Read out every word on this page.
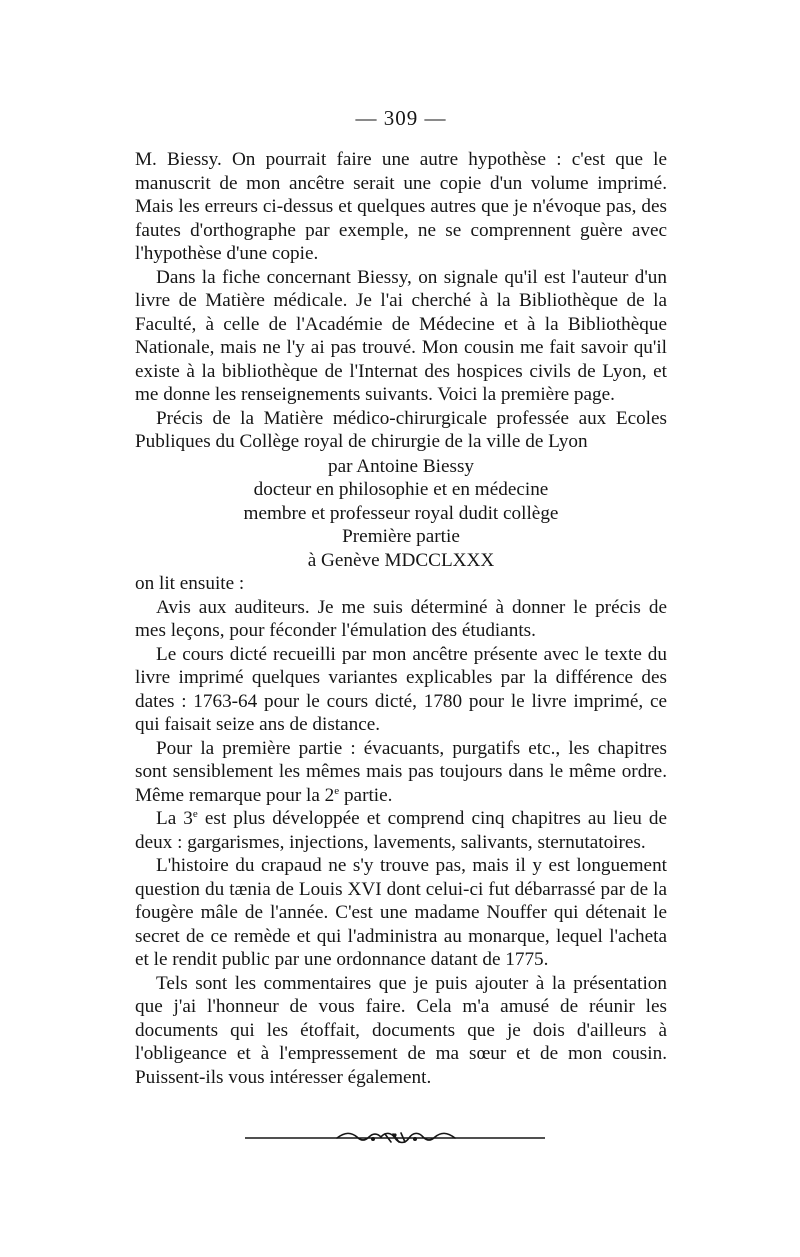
— 309 —

M. Biessy. On pourrait faire une autre hypothèse : c'est que le manuscrit de mon ancêtre serait une copie d'un volume imprimé. Mais les erreurs ci-dessus et quelques autres que je n'évoque pas, des fautes d'orthographe par exemple, ne se comprennent guère avec l'hypothèse d'une copie.

Dans la fiche concernant Biessy, on signale qu'il est l'auteur d'un livre de Matière médicale. Je l'ai cherché à la Bibliothèque de la Faculté, à celle de l'Académie de Médecine et à la Bibliothèque Nationale, mais ne l'y ai pas trouvé. Mon cousin me fait savoir qu'il existe à la bibliothèque de l'Internat des hospices civils de Lyon, et me donne les renseignements suivants. Voici la première page.

Précis de la Matière médico-chirurgicale professée aux Ecoles Publiques du Collège royal de chirurgie de la ville de Lyon

par Antoine Biessy
docteur en philosophie et en médecine
membre et professeur royal dudit collège
Première partie
à Genève MDCCLXXX

on lit ensuite :

Avis aux auditeurs. Je me suis déterminé à donner le précis de mes leçons, pour féconder l'émulation des étudiants.

Le cours dicté recueilli par mon ancêtre présente avec le texte du livre imprimé quelques variantes explicables par la différence des dates : 1763-64 pour le cours dicté, 1780 pour le livre imprimé, ce qui faisait seize ans de distance.

Pour la première partie : évacuants, purgatifs etc., les chapitres sont sensiblement les mêmes mais pas toujours dans le même ordre. Même remarque pour la 2e partie.

La 3e est plus développée et comprend cinq chapitres au lieu de deux : gargarismes, injections, lavements, salivants, sternutatoires.

L'histoire du crapaud ne s'y trouve pas, mais il y est longuement question du tænia de Louis XVI dont celui-ci fut débarrassé par de la fougère mâle de l'année. C'est une madame Nouffer qui détenait le secret de ce remède et qui l'administra au monarque, lequel l'acheta et le rendit public par une ordonnance datant de 1775.

Tels sont les commentaires que je puis ajouter à la présentation que j'ai l'honneur de vous faire. Cela m'a amusé de réunir les documents qui les étoffait, documents que je dois d'ailleurs à l'obligeance et à l'empressement de ma sœur et de mon cousin. Puissent-ils vous intéresser également.
